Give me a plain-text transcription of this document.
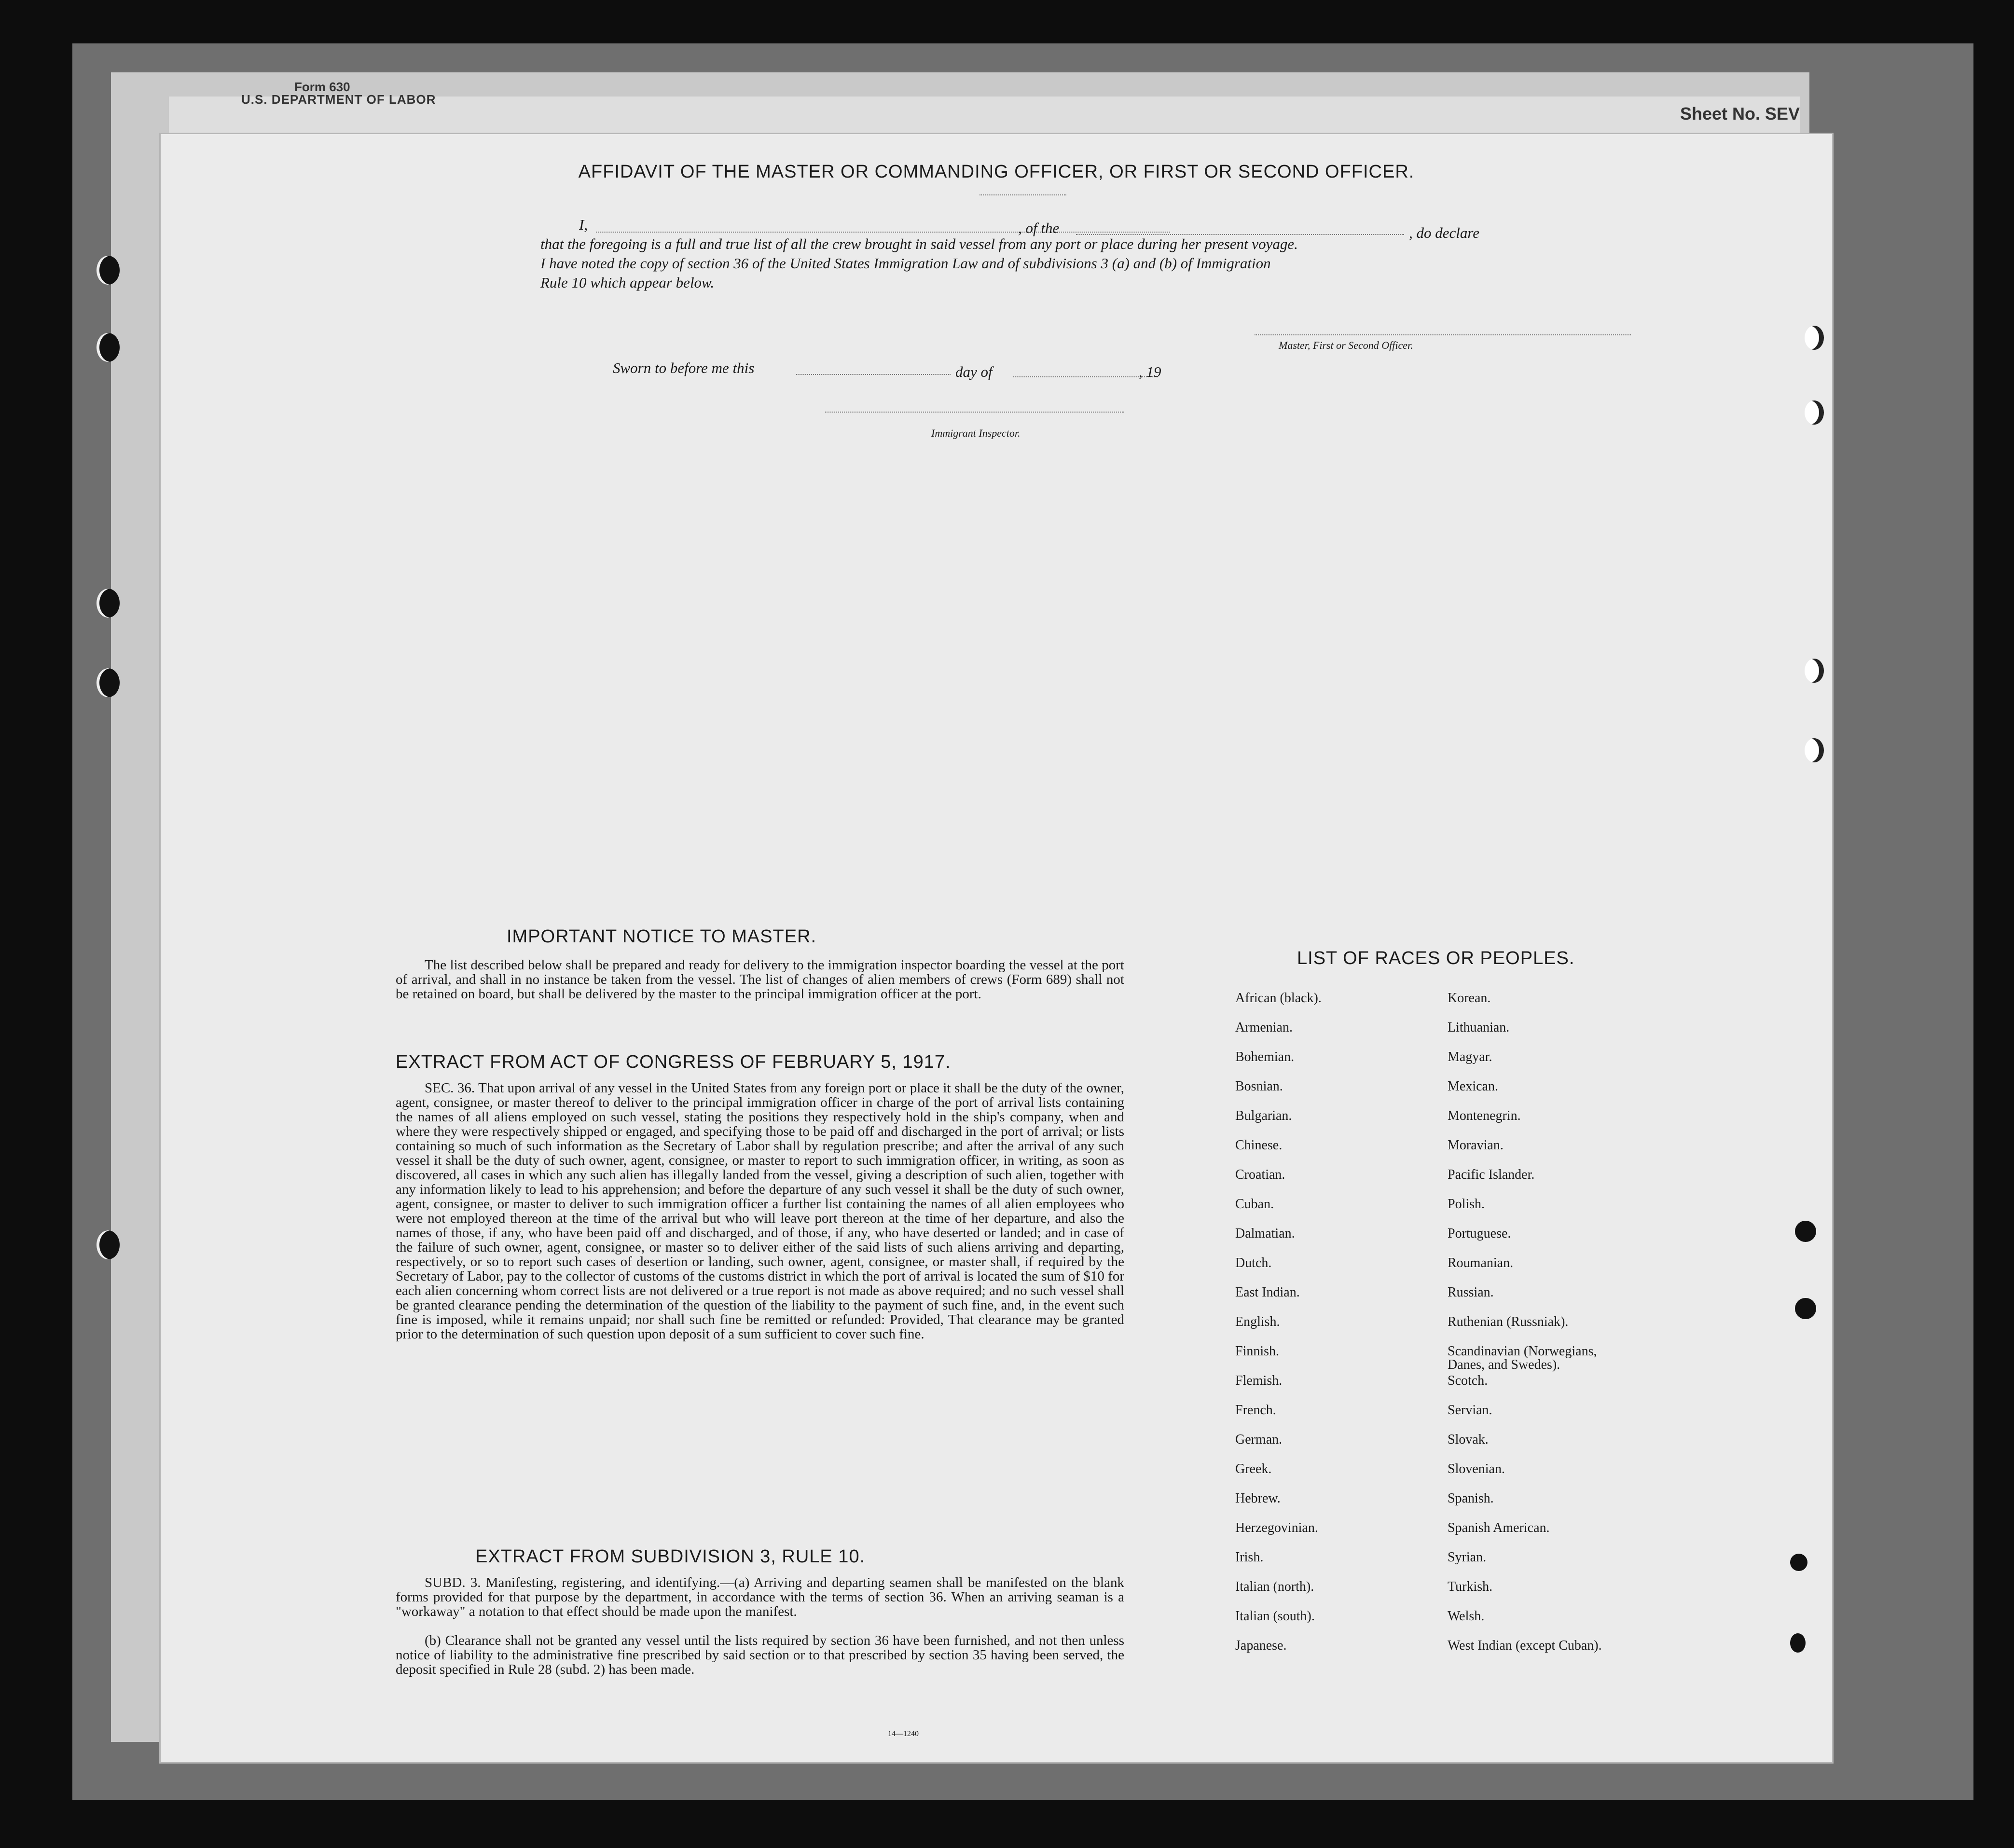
Form 630
U.S. DEPARTMENT OF LABOR
Sheet No. SEV
AFFIDAVIT OF THE MASTER OR COMMANDING OFFICER, OR FIRST OR SECOND OFFICER.
I,	, of the	, do declare
that the foregoing is a full and true list of all the crew brought in said vessel from any port or place during her present voyage.
I have noted the copy of section 36 of the United States Immigration Law and of subdivisions 3 (a) and (b) of Immigration
Rule 10 which appear below.
Master, First or Second Officer.
Sworn to before me this	day of	, 19
Immigrant Inspector.
IMPORTANT NOTICE TO MASTER.

The list described below shall be prepared and ready for delivery to the immigration inspector boarding the vessel at the port of arrival, and shall in no instance be taken from the vessel. The list of changes of alien members of crews (Form 689) shall not be retained on board, but shall be delivered by the master to the principal immigration officer at the port.

EXTRACT FROM ACT OF CONGRESS OF FEBRUARY 5, 1917.

SEC. 36. That upon arrival of any vessel in the United States from any foreign port or place it shall be the duty of the owner, agent, consignee, or master thereof to deliver to the principal immigration officer in charge of the port of arrival lists containing the names of all aliens employed on such vessel, stating the positions they respectively hold in the ship's company, when and where they were respectively shipped or engaged, and specifying those to be paid off and discharged in the port of arrival; or lists containing so much of such information as the Secretary of Labor shall by regulation prescribe; and after the arrival of any such vessel it shall be the duty of such owner, agent, consignee, or master to report to such immigration officer, in writing, as soon as discovered, all cases in which any such alien has illegally landed from the vessel, giving a description of such alien, together with any information likely to lead to his apprehension; and before the departure of any such vessel it shall be the duty of such owner, agent, consignee, or master to deliver to such immigration officer a further list containing the names of all alien employees who were not employed thereon at the time of the arrival but who will leave port thereon at the time of her departure, and also the names of those, if any, who have been paid off and discharged, and of those, if any, who have deserted or landed; and in case of the failure of such owner, agent, consignee, or master so to deliver either of the said lists of such aliens arriving and departing, respectively, or so to report such cases of desertion or landing, such owner, agent, consignee, or master shall, if required by the Secretary of Labor, pay to the collector of customs of the customs district in which the port of arrival is located the sum of $10 for each alien concerning whom correct lists are not delivered or a true report is not made as above required; and no such vessel shall be granted clearance pending the determination of the question of the liability to the payment of such fine, and, in the event such fine is imposed, while it remains unpaid; nor shall such fine be remitted or refunded: Provided, That clearance may be granted prior to the determination of such question upon deposit of a sum sufficient to cover such fine.

EXTRACT FROM SUBDIVISION 3, RULE 10.

SUBD. 3. Manifesting, registering, and identifying.—(a) Arriving and departing seamen shall be manifested on the blank forms provided for that purpose by the department, in accordance with the terms of section 36. When an arriving seaman is a "workaway" a notation to that effect should be made upon the manifest.

(b) Clearance shall not be granted any vessel until the lists required by section 36 have been furnished, and not then unless notice of liability to the administrative fine prescribed by said section or to that prescribed by section 35 having been served, the deposit specified in Rule 28 (subd. 2) has been made.

14—1240
LIST OF RACES OR PEOPLES.
African (black).	Korean.
Armenian.	Lithuanian.
Bohemian.	Magyar.
Bosnian.	Mexican.
Bulgarian.	Montenegrin.
Chinese.	Moravian.
Croatian.	Pacific Islander.
Cuban.	Polish.
Dalmatian.	Portuguese.
Dutch.	Roumanian.
East Indian.	Russian.
English.	Ruthenian (Russniak).
Finnish.	Scandinavian (Norwegians,
Danes, and Swedes).
Flemish.	Scotch.
French.	Servian.
German.	Slovak.
Greek.	Slovenian.
Hebrew.	Spanish.
Herzegovinian.	Spanish American.
Irish.	Syrian.
Italian (north).	Turkish.
Italian (south).	Welsh.
Japanese.	West Indian (except Cuban).
